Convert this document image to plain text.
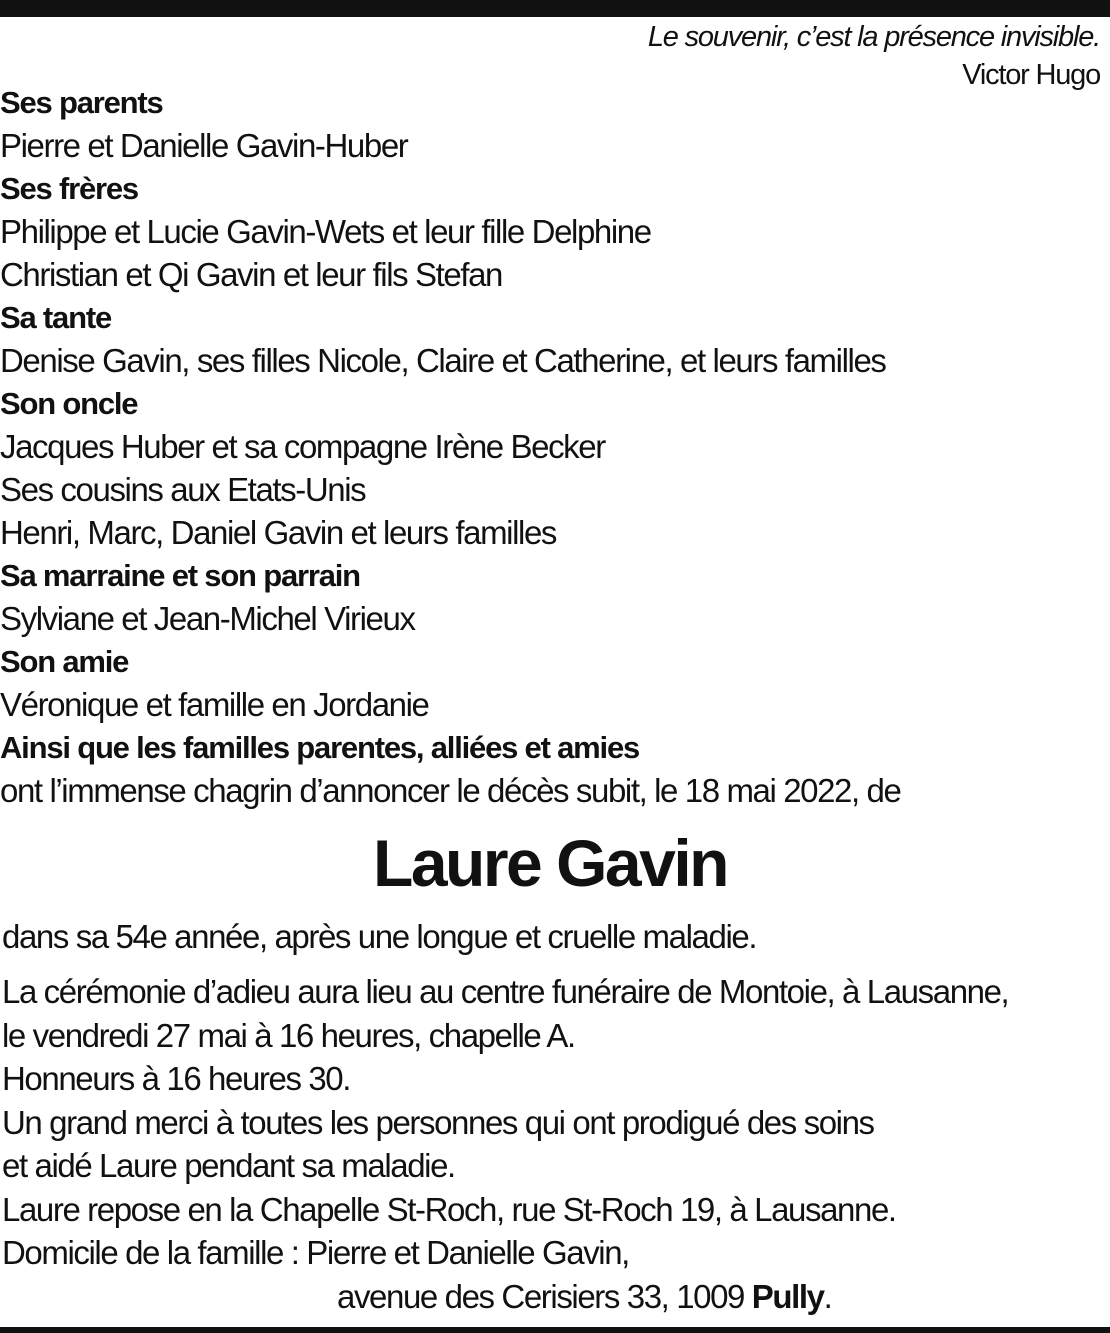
Le souvenir, c’est la présence invisible.
Victor Hugo
Ses parents
Pierre et Danielle Gavin-Huber
Ses frères
Philippe et Lucie Gavin-Wets et leur fille Delphine
Christian et Qi Gavin et leur fils Stefan
Sa tante
Denise Gavin, ses filles Nicole, Claire et Catherine, et leurs familles
Son oncle
Jacques Huber et sa compagne Irène Becker
Ses cousins aux Etats-Unis
Henri, Marc, Daniel Gavin et leurs familles
Sa marraine et son parrain
Sylviane et Jean-Michel Virieux
Son amie
Véronique et famille en Jordanie
Ainsi que les familles parentes, alliées et amies
ont l’immense chagrin d’annoncer le décès subit, le 18 mai 2022, de
Laure Gavin
dans sa 54e année, après une longue et cruelle maladie.
La cérémonie d’adieu aura lieu au centre funéraire de Montoie, à Lausanne,
le vendredi 27 mai à 16 heures, chapelle A.
Honneurs à 16 heures 30.
Un grand merci à toutes les personnes qui ont prodigué des soins
et aidé Laure pendant sa maladie.
Laure repose en la Chapelle St-Roch, rue St-Roch 19, à Lausanne.
Domicile de la famille : Pierre et Danielle Gavin,
avenue des Cerisiers 33, 1009 Pully.
